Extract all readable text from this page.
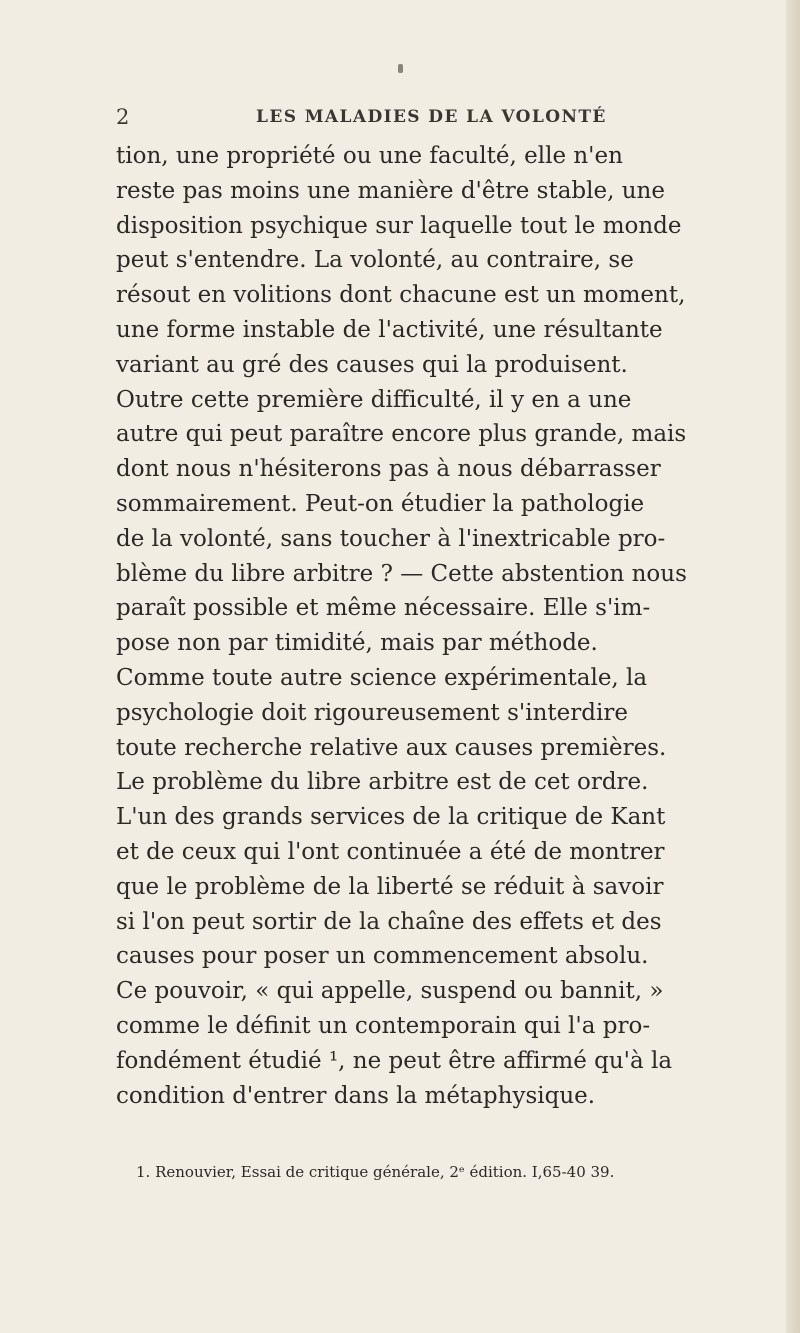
2	LES MALADIES DE LA VOLONTÉ
tion, une propriété ou une faculté, elle n'en
reste pas moins une manière d'être stable, une
disposition psychique sur laquelle tout le monde
peut s'entendre. La volonté, au contraire, se
résout en volitions dont chacune est un moment,
une forme instable de l'activité, une résultante
variant au gré des causes qui la produisent.
Outre cette première difficulté, il y en a une
autre qui peut paraître encore plus grande, mais
dont nous n'hésiterons pas à nous débarrasser
sommairement. Peut-on étudier la pathologie
de la volonté, sans toucher à l'inextricable pro-
blème du libre arbitre ? — Cette abstention nous
paraît possible et même nécessaire. Elle s'im-
pose non par timidité, mais par méthode.
Comme toute autre science expérimentale, la
psychologie doit rigoureusement s'interdire
toute recherche relative aux causes premières.
Le problème du libre arbitre est de cet ordre.
L'un des grands services de la critique de Kant
et de ceux qui l'ont continuée a été de montrer
que le problème de la liberté se réduit à savoir
si l'on peut sortir de la chaîne des effets et des
causes pour poser un commencement absolu.
Ce pouvoir, « qui appelle, suspend ou bannit, »
comme le définit un contemporain qui l'a pro-
fondément étudié ¹, ne peut être affirmé qu'à la
condition d'entrer dans la métaphysique.
1. Renouvier, Essai de critique générale, 2ᵉ édition. I,65-40 39.
